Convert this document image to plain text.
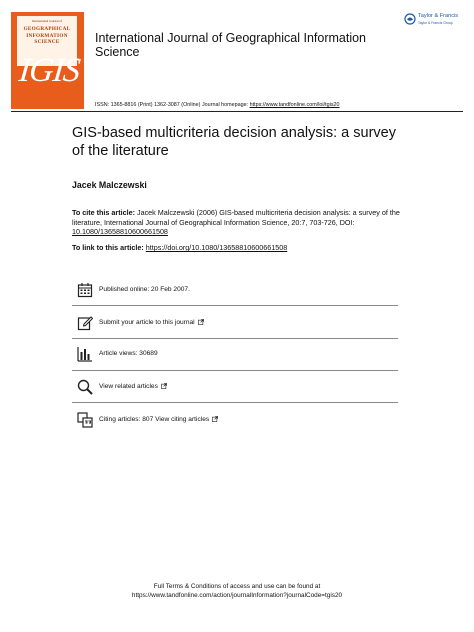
International Journal of
GEOGRAPHICAL
INFORMATION
SCIENCE
IGIS
International Journal of Geographical Information Science
Taylor & Francis
Taylor & Francis Group
ISSN: 1365-8816 (Print) 1362-3087 (Online) Journal homepage: https://www.tandfonline.com/loi/tgis20
GIS-based multicriteria decision analysis: a survey of the literature
Jacek Malczewski
To cite this article: Jacek Malczewski (2006) GIS-based multicriteria decision analysis: a survey of the literature, International Journal of Geographical Information Science, 20:7, 703-726, DOI: 10.1080/13658810600661508
To link to this article: https://doi.org/10.1080/13658810600661508
Published online: 20 Feb 2007.
Submit your article to this journal
Article views: 30689
View related articles
Citing articles: 807 View citing articles
Full Terms & Conditions of access and use can be found at
https://www.tandfonline.com/action/journalInformation?journalCode=tgis20
